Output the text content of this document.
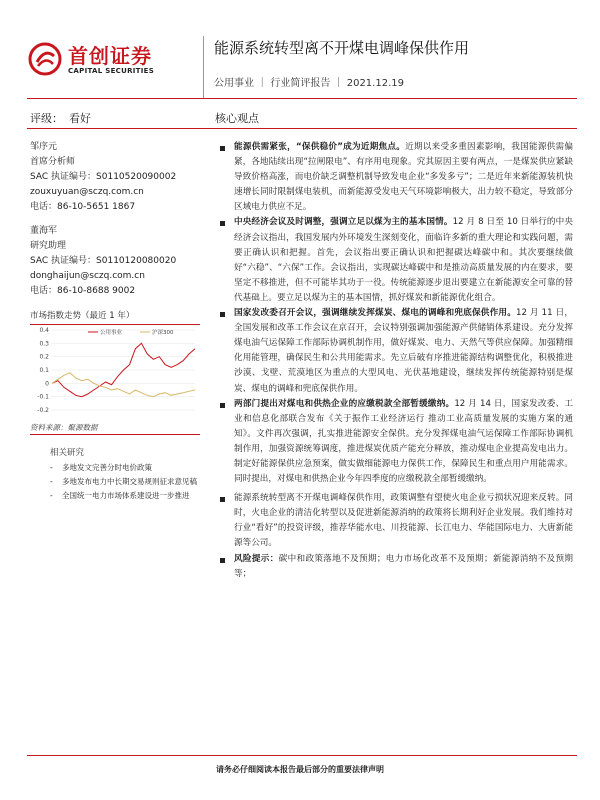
首创证券
CAPITAL SECURITIES
能源系统转型离不开煤电调峰保供作用
公用事业 ｜ 行业简评报告 ｜ 2021.12.19
评级： 看好	核心观点
邹序元
首席分析师
SAC 执证编号：S0110520090002
zouxuyuan@sczq.com.cn
电话：86-10-5651 1867
董海军
研究助理
SAC 执证编号：S0110120080020
donghaijun@sczq.com.cn
电话：86-10-8688 9002
市场指数走势（最近 1 年）
0.4
0.3
0.2
0.1
0
-0.1
-0.2
公用事业	沪深300
资料来源：聚源数据
相关研究
- 多地发文完善分时电价政策
- 多地发布电力中长期交易规则征求意见稿
- 全国统一电力市场体系建设进一步推进
能源供需紧张，“保供稳价”成为近期焦点。近期以来受多重因素影响，我国能源供需偏紧，各地陆续出现“拉闸限电”、有序用电现象。究其原因主要有两点，一是煤炭供应紧缺导致价格高涨，而电价缺乏调整机制导致发电企业“多发多亏”；二是近年来新能源装机快速增长同时限制煤电装机，而新能源受发电天气环境影响极大，出力较不稳定，导致部分区域电力供应不足。
中央经济会议及时调整，强调立足以煤为主的基本国情。12 月 8 日至 10 日举行的中央经济会议指出，我国发展内外环境发生深刻变化，面临许多新的重大理论和实践问题，需要正确认识和把握。首先，会议指出要正确认识和把握碳达峰碳中和。其次要继续做好“六稳”、“六保”工作。会议指出，实现碳达峰碳中和是推动高质量发展的内在要求，要坚定不移推进，但不可能毕其功于一役。传统能源逐步退出要建立在新能源安全可靠的替代基础上。要立足以煤为主的基本国情，抓好煤炭和新能源优化组合。
国家发改委召开会议，强调继续发挥煤炭、煤电的调峰和兜底保供作用。12 月 11 日，全国发展和改革工作会议在京召开，会议特别强调加强能源产供储销体系建设。充分发挥煤电油气运保障工作部际协调机制作用，做好煤炭、电力、天然气等供应保障。加强精细化用能管理，确保民生和公共用能需求。先立后破有序推进能源结构调整优化，积极推进沙漠、戈壁、荒漠地区为重点的大型风电、光伏基地建设，继续发挥传统能源特别是煤炭、煤电的调峰和兜底保供作用。
两部门提出对煤电和供热企业的应缴税款全部暂缓缴纳。12 月 14 日，国家发改委、工业和信息化部联合发布《关于振作工业经济运行 推动工业高质量发展的实施方案的通知》。文件再次强调，扎实推进能源安全保供。充分发挥煤电油气运保障工作部际协调机制作用，加强资源统筹调度，推进煤炭优质产能充分释放，推动煤电企业提高发电出力。制定好能源保供应急预案，做实做细能源电力保供工作，保障民生和重点用户用能需求。同时提出，对煤电和供热企业今年四季度的应缴税款全部暂缓缴纳。
能源系统转型离不开煤电调峰保供作用，政策调整有望使火电企业亏损状况迎来反转。同时，火电企业的清洁化转型以及促进新能源消纳的政策将长期利好企业发展。我们维持对行业“看好”的投资评级，推荐华能水电、川投能源、长江电力、华能国际电力、大唐新能源等公司。
风险提示：碳中和政策落地不及预期；电力市场化改革不及预期；新能源消纳不及预期等；
请务必仔细阅读本报告最后部分的重要法律声明
